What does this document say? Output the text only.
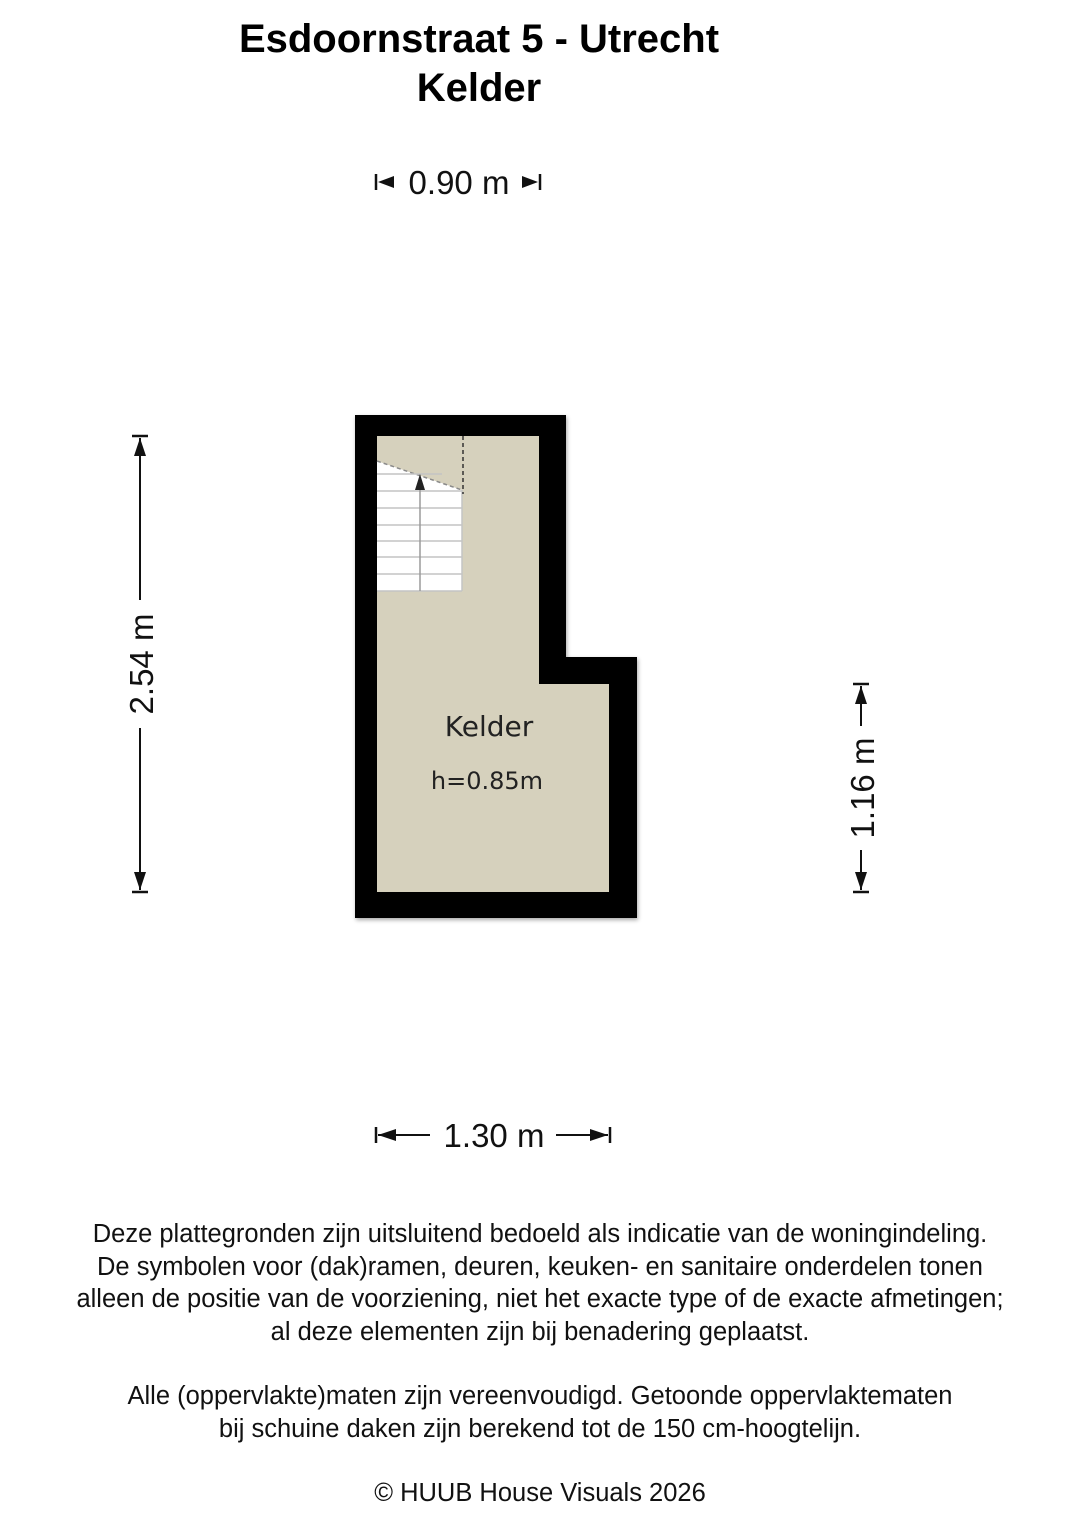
Esdoornstraat 5 - Utrecht
Kelder
Kelder
h=0.85m
0.90 m
1.30 m
2.54 m
1.16 m

Deze plattegronden zijn uitsluitend bedoeld als indicatie van de woningindeling.
De symbolen voor (dak)ramen, deuren, keuken- en sanitaire onderdelen tonen
alleen de positie van de voorziening, niet het exacte type of de exacte afmetingen;
al deze elementen zijn bij benadering geplaatst.

Alle (oppervlakte)maten zijn vereenvoudigd. Getoonde oppervlaktematen
bij schuine daken zijn berekend tot de 150 cm-hoogtelijn.

© HUUB House Visuals 2026
